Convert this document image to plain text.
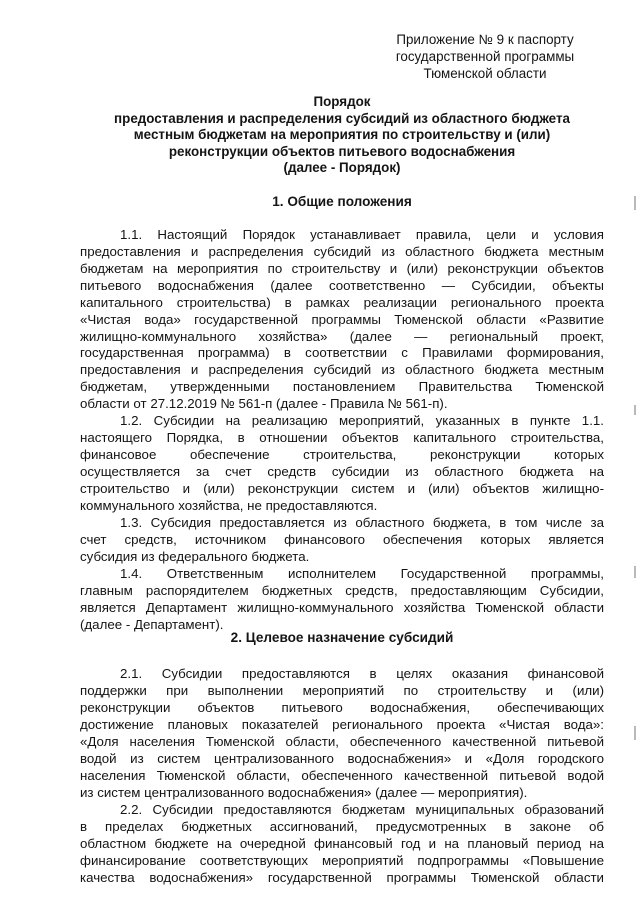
Приложение № 9 к паспорту
государственной программы
Тюменской области
Порядок
предоставления и распределения субсидий из областного бюджета
местным бюджетам на мероприятия по строительству и (или)
реконструкции объектов питьевого водоснабжения
(далее - Порядок)
1. Общие положения
1.1. Настоящий Порядок устанавливает правила, цели и условия
предоставления и распределения субсидий из областного бюджета местным
бюджетам на мероприятия по строительству и (или) реконструкции объектов
питьевого водоснабжения (далее соответственно — Субсидии, объекты
капитального строительства) в рамках реализации регионального проекта
«Чистая вода» государственной программы Тюменской области «Развитие
жилищно-коммунального хозяйства» (далее — региональный проект,
государственная программа) в соответствии с Правилами формирования,
предоставления и распределения субсидий из областного бюджета местным
бюджетам, утвержденными постановлением Правительства Тюменской
области от 27.12.2019 № 561-п (далее - Правила № 561-п).
1.2. Субсидии на реализацию мероприятий, указанных в пункте 1.1.
настоящего Порядка, в отношении объектов капитального строительства,
финансовое обеспечение строительства, реконструкции которых
осуществляется за счет средств субсидии из областного бюджета на
строительство и (или) реконструкции систем и (или) объектов жилищно-
коммунального хозяйства, не предоставляются.
1.3. Субсидия предоставляется из областного бюджета, в том числе за
счет средств, источником финансового обеспечения которых является
субсидия из федерального бюджета.
1.4. Ответственным исполнителем Государственной программы,
главным распорядителем бюджетных средств, предоставляющим Субсидии,
является Департамент жилищно-коммунального хозяйства Тюменской области
(далее - Департамент).
2. Целевое назначение субсидий
2.1. Субсидии предоставляются в целях оказания финансовой
поддержки при выполнении мероприятий по строительству и (или)
реконструкции объектов питьевого водоснабжения, обеспечивающих
достижение плановых показателей регионального проекта «Чистая вода»:
«Доля населения Тюменской области, обеспеченного качественной питьевой
водой из систем централизованного водоснабжения» и «Доля городского
населения Тюменской области, обеспеченного качественной питьевой водой
из систем централизованного водоснабжения» (далее — мероприятия).
2.2. Субсидии предоставляются бюджетам муниципальных образований
в пределах бюджетных ассигнований, предусмотренных в законе об
областном бюджете на очередной финансовый год и на плановый период на
финансирование соответствующих мероприятий подпрограммы «Повышение
качества водоснабжения» государственной программы Тюменской области
